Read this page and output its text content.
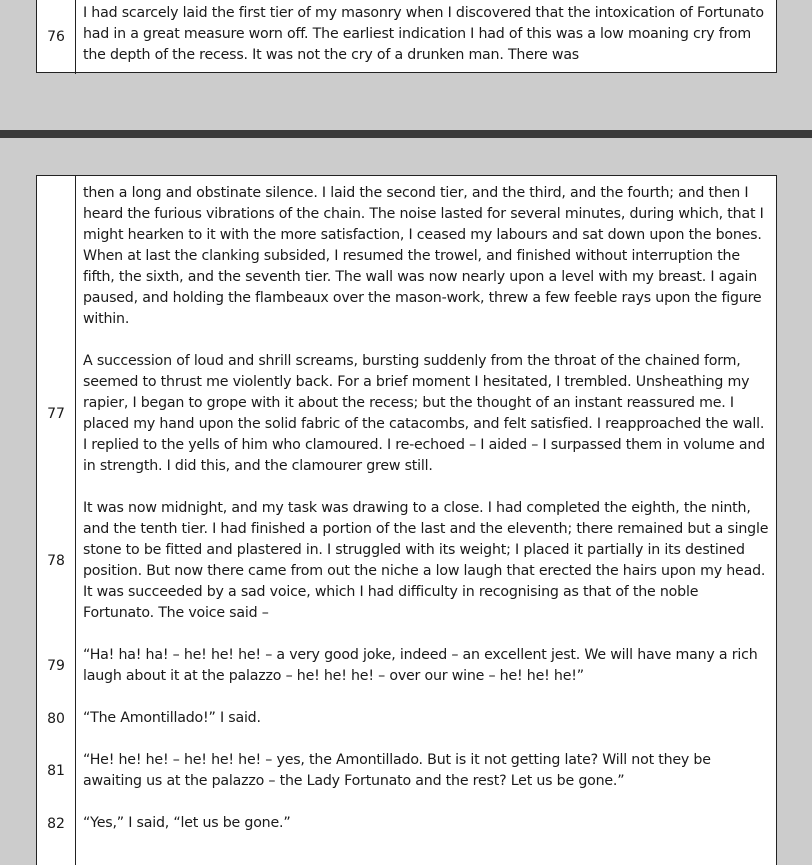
76
I had scarcely laid the first tier of my masonry when I discovered that the intoxication of Fortunato had in a great measure worn off. The earliest indication I had of this was a low moaning cry from the depth of the recess. It was not the cry of a drunken man. There was
then a long and obstinate silence. I laid the second tier, and the third, and the fourth; and then I heard the furious vibrations of the chain. The noise lasted for several minutes, during which, that I might hearken to it with the more satisfaction, I ceased my labours and sat down upon the bones. When at last the clanking subsided, I resumed the trowel, and finished without interruption the fifth, the sixth, and the seventh tier. The wall was now nearly upon a level with my breast. I again paused, and holding the flambeaux over the mason-work, threw a few feeble rays upon the figure within.
77
A succession of loud and shrill screams, bursting suddenly from the throat of the chained form, seemed to thrust me violently back. For a brief moment I hesitated, I trembled. Unsheathing my rapier, I began to grope with it about the recess; but the thought of an instant reassured me. I placed my hand upon the solid fabric of the catacombs, and felt satisfied. I reapproached the wall. I replied to the yells of him who clamoured. I re-echoed – I aided – I surpassed them in volume and in strength. I did this, and the clamourer grew still.
78
It was now midnight, and my task was drawing to a close. I had completed the eighth, the ninth, and the tenth tier. I had finished a portion of the last and the eleventh; there remained but a single stone to be fitted and plastered in. I struggled with its weight; I placed it partially in its destined position. But now there came from out the niche a low laugh that erected the hairs upon my head. It was succeeded by a sad voice, which I had difficulty in recognising as that of the noble Fortunato. The voice said –
79
“Ha! ha! ha! – he! he! he! – a very good joke, indeed – an excellent jest. We will have many a rich laugh about it at the palazzo – he! he! he! – over our wine – he! he! he!”
80	“The Amontillado!” I said.
81
“He! he! he! – he! he! he! – yes, the Amontillado. But is it not getting late? Will not they be awaiting us at the palazzo – the Lady Fortunato and the rest? Let us be gone.”
82	“Yes,” I said, “let us be gone.”
